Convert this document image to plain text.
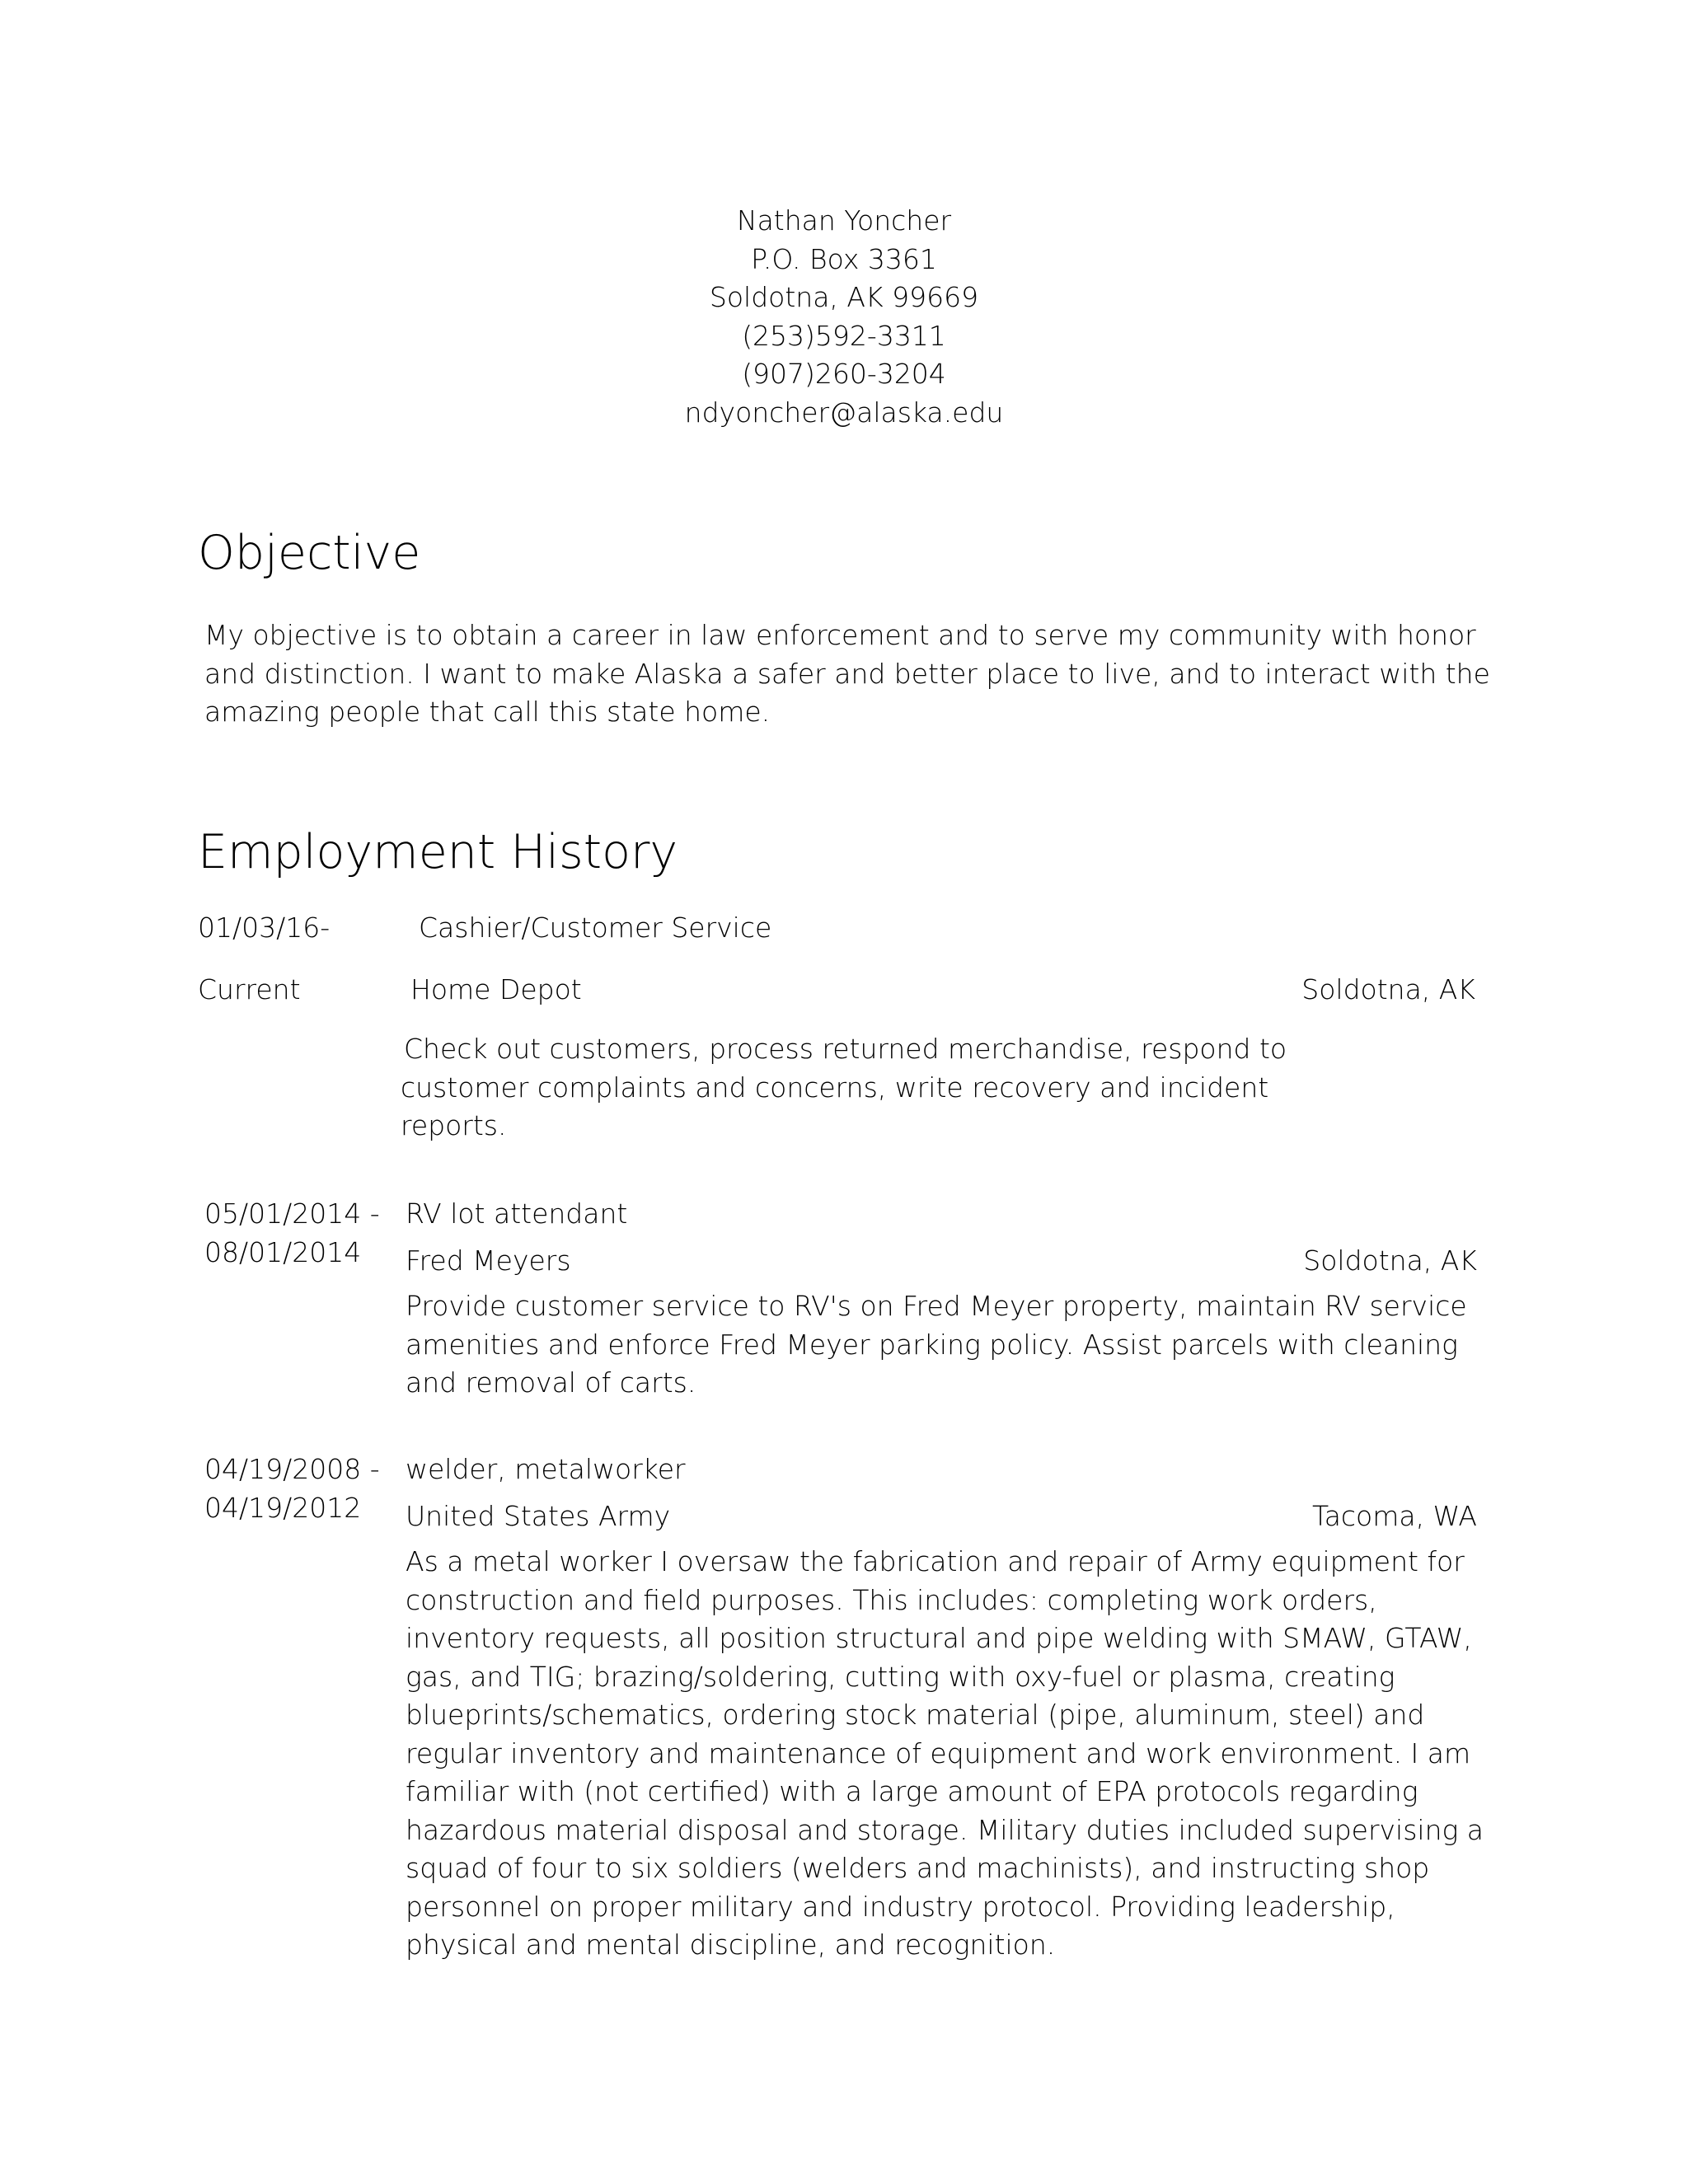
Nathan Yoncher
P.O. Box 3361
Soldotna, AK 99669
(253)592-3311
(907)260-3204
ndyoncher@alaska.edu
Objective
My objective is to obtain a career in law enforcement and to serve my community with honor and distinction. I want to make Alaska a safer and better place to live, and to interact with the amazing people that call this state home.
Employment History
01/03/16-	Cashier/Customer Service
Current	Home Depot	Soldotna, AK
Check out customers, process returned merchandise, respond to customer complaints and concerns, write recovery and incident reports.
05/01/2014 -
08/01/2014
RV lot attendant
Fred Meyers	Soldotna, AK
Provide customer service to RV's on Fred Meyer property, maintain RV service amenities and enforce Fred Meyer parking policy. Assist parcels with cleaning and removal of carts.
04/19/2008 -
04/19/2012
welder, metalworker
United States Army	Tacoma, WA
As a metal worker I oversaw the fabrication and repair of Army equipment for construction and field purposes. This includes: completing work orders, inventory requests, all position structural and pipe welding with SMAW, GTAW, gas, and TIG; brazing/soldering, cutting with oxy-fuel or plasma, creating blueprints/schematics, ordering stock material (pipe, aluminum, steel) and regular inventory and maintenance of equipment and work environment. I am familiar with (not certified) with a large amount of EPA protocols regarding hazardous material disposal and storage. Military duties included supervising a squad of four to six soldiers (welders and machinists), and instructing shop personnel on proper military and industry protocol. Providing leadership, physical and mental discipline, and recognition.
